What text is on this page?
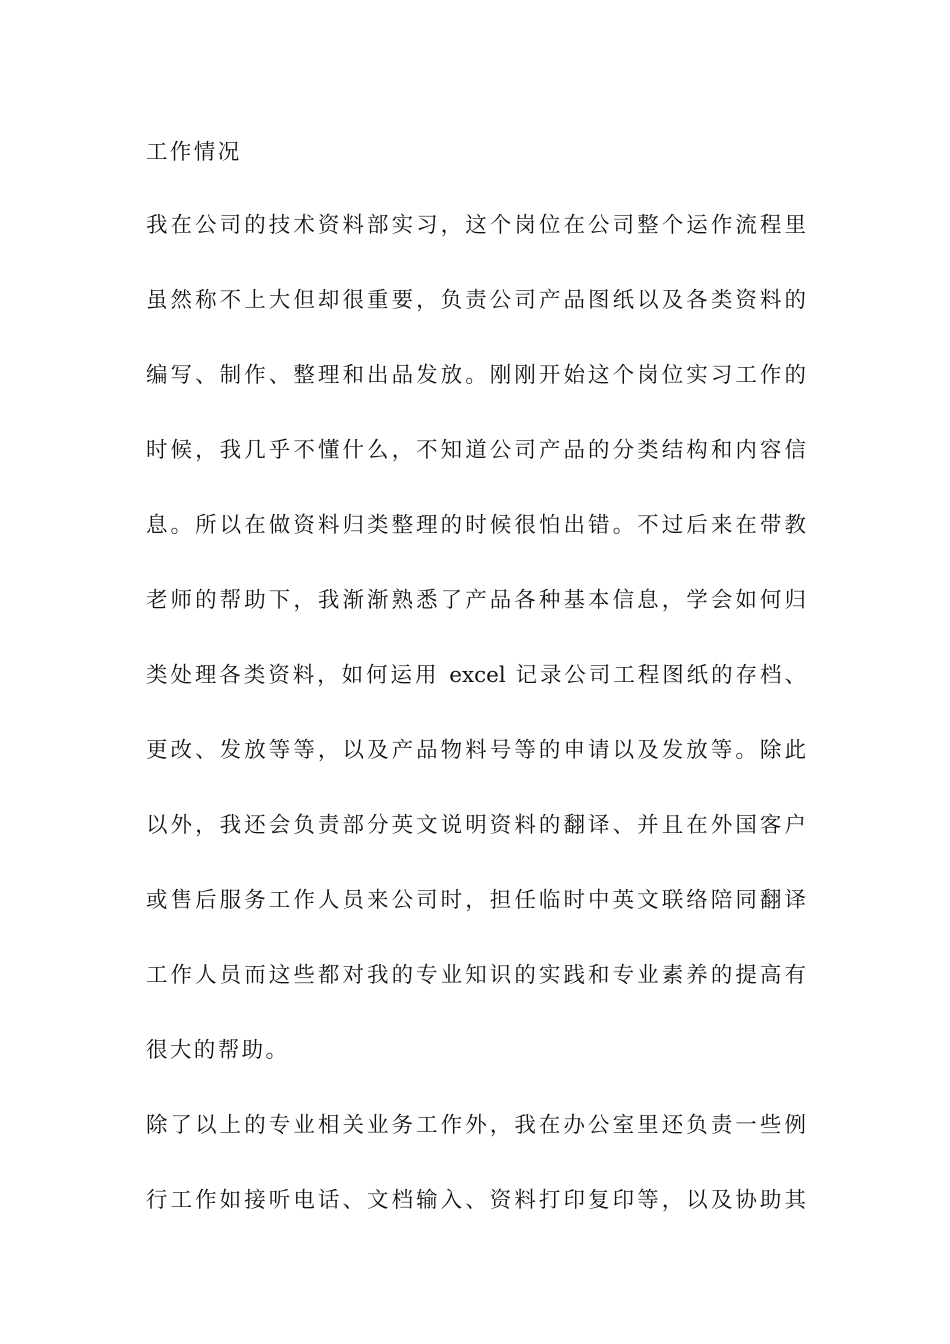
工作情况
我在公司的技术资料部实习，这个岗位在公司整个运作流程里
虽然称不上大但却很重要，负责公司产品图纸以及各类资料的
编写、制作、整理和出品发放。刚刚开始这个岗位实习工作的
时候，我几乎不懂什么，不知道公司产品的分类结构和内容信
息。所以在做资料归类整理的时候很怕出错。不过后来在带教
老师的帮助下，我渐渐熟悉了产品各种基本信息，学会如何归
类处理各类资料，如何运用 excel 记录公司工程图纸的存档、
更改、发放等等，以及产品物料号等的申请以及发放等。除此
以外，我还会负责部分英文说明资料的翻译、并且在外国客户
或售后服务工作人员来公司时，担任临时中英文联络陪同翻译
工作人员而这些都对我的专业知识的实践和专业素养的提高有
很大的帮助。
除了以上的专业相关业务工作外，我在办公室里还负责一些例
行工作如接听电话、文档输入、资料打印复印等，以及协助其
